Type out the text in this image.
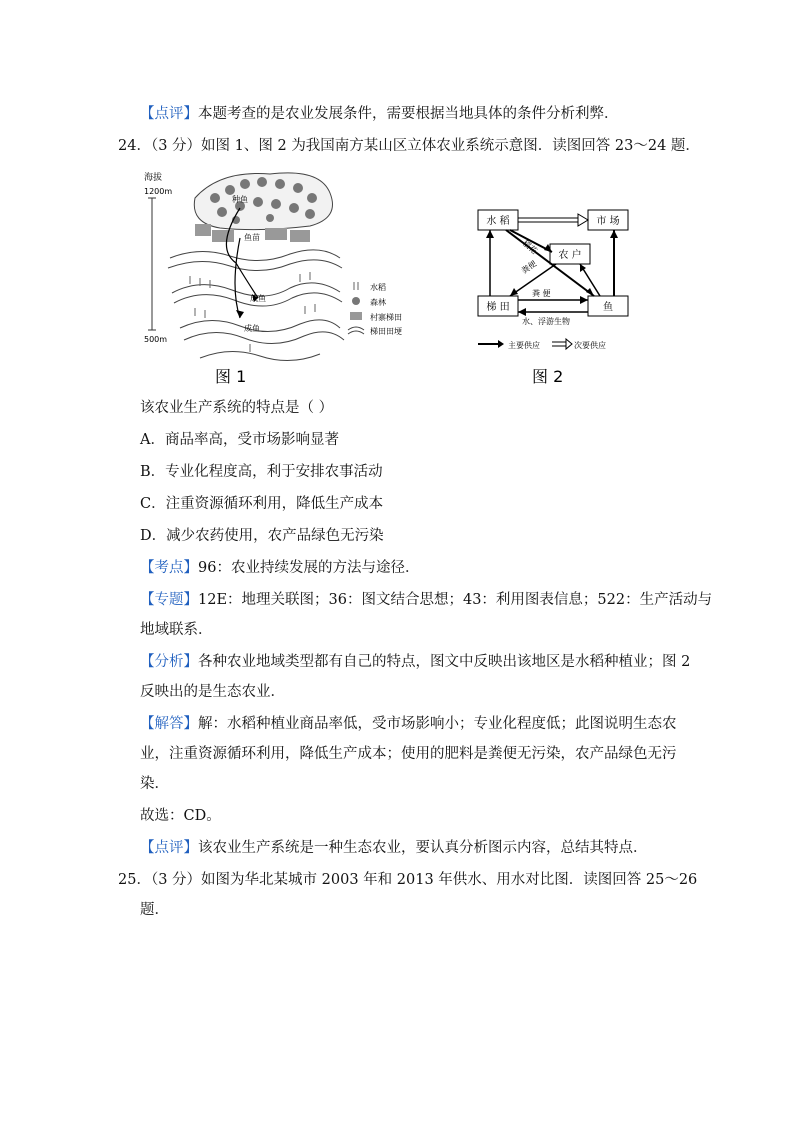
【点评】本题考查的是农业发展条件，需要根据当地具体的条件分析利弊．
24．（3 分）如图 1、图 2 为我国南方某山区立体农业系统示意图．读图回答 23～24 题．
海拔
1200m
500m
种鱼
鱼苗
成鱼
成鱼
水稻
森林
村寨梯田
梯田田埂
图 1
水 稻	市 场
农 户
梯 田	鱼
稻花
粪便
粪 便
水、浮游生物
主要供应	次要供应
图 2
该农业生产系统的特点是（ ）
A．商品率高，受市场影响显著
B．专业化程度高，利于安排农事活动
C．注重资源循环利用，降低生产成本
D．减少农药使用，农产品绿色无污染
【考点】96：农业持续发展的方法与途径．
【专题】12E：地理关联图；36：图文结合思想；43：利用图表信息；522：生产活动与
地域联系．
【分析】各种农业地域类型都有自己的特点，图文中反映出该地区是水稻种植业；图 2
反映出的是生态农业．
【解答】解：水稻种植业商品率低，受市场影响小；专业化程度低；此图说明生态农
业，注重资源循环利用，降低生产成本；使用的肥料是粪便无污染，农产品绿色无污
染．
故选：CD。
【点评】该农业生产系统是一种生态农业，要认真分析图示内容，总结其特点．
25．（3 分）如图为华北某城市 2003 年和 2013 年供水、用水对比图．读图回答 25～26
题．
